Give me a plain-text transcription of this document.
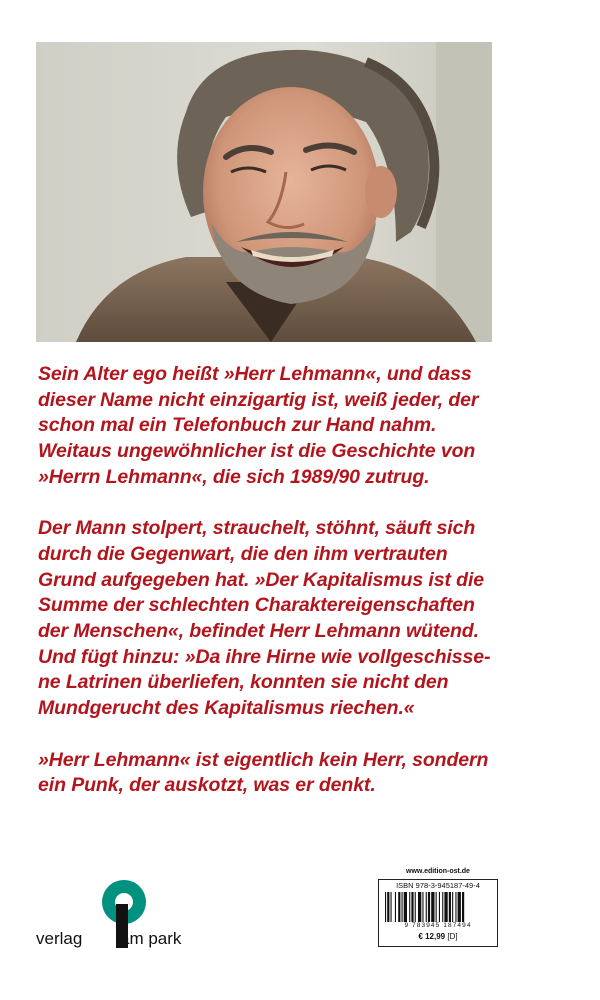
Sein Alter ego heißt »Herr Lehmann«, und dass
dieser Name nicht einzigartig ist, weiß jeder, der
schon mal ein Telefonbuch zur Hand nahm.
Weitaus ungewöhnlicher ist die Geschichte von
»Herrn Lehmann«, die sich 1989/90 zutrug.

Der Mann stolpert, strauchelt, stöhnt, säuft sich
durch die Gegenwart, die den ihm vertrauten
Grund aufgegeben hat. »Der Kapitalismus ist die
Summe der schlechten Charaktereigenschaften
der Menschen«, befindet Herr Lehmann wütend.
Und fügt hinzu: »Da ihre Hirne wie vollgeschisse-
ne Latrinen überliefen, konnten sie nicht den
Mundgerucht des Kapitalismus riechen.«

»Herr Lehmann« ist eigentlich kein Herr, sondern
ein Punk, der auskotzt, was er denkt.

verlag am park
www.edition-ost.de
ISBN 978-3-945187-49-4
9 783945 187494
€ 12,99 [D]
